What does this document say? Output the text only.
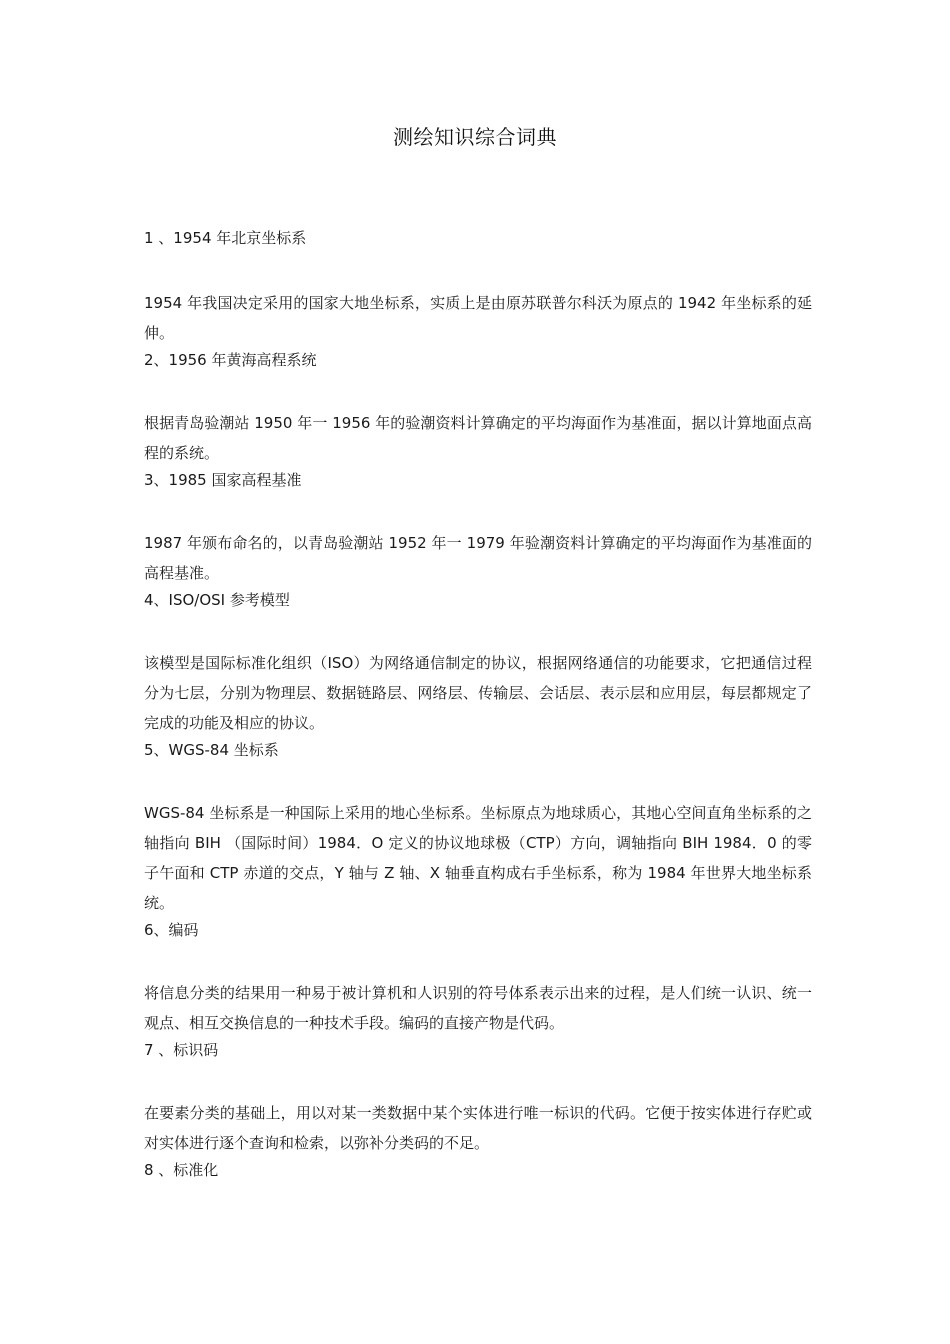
测绘知识综合词典

1 、1954 年北京坐标系

1954 年我国决定采用的国家大地坐标系，实质上是由原苏联普尔科沃为原点的 1942 年坐标系的延伸。

2、1956 年黄海高程系统

根据青岛验潮站 1950 年一 1956 年的验潮资料计算确定的平均海面作为基准面，据以计算地面点高程的系统。

3、1985 国家高程基准

1987 年颁布命名的，以青岛验潮站 1952 年一 1979 年验潮资料计算确定的平均海面作为基准面的高程基准。

4、ISO/OSI 参考模型

该模型是国际标准化组织（ISO）为网络通信制定的协议，根据网络通信的功能要求，它把通信过程分为七层，分别为物理层、数据链路层、网络层、传输层、会话层、表示层和应用层，每层都规定了完成的功能及相应的协议。

5、WGS-84 坐标系

WGS-84 坐标系是一种国际上采用的地心坐标系。坐标原点为地球质心，其地心空间直角坐标系的之轴指向 BIH （国际时间）1984．O 定义的协议地球极（CTP）方向，调轴指向 BIH 1984．0 的零子午面和 CTP 赤道的交点，Y 轴与 Z 轴、X 轴垂直构成右手坐标系，称为 1984 年世界大地坐标系统。

6、编码

将信息分类的结果用一种易于被计算机和人识别的符号体系表示出来的过程，是人们统一认识、统一观点、相互交换信息的一种技术手段。编码的直接产物是代码。

7 、标识码

在要素分类的基础上，用以对某一类数据中某个实体进行唯一标识的代码。它便于按实体进行存贮或对实体进行逐个查询和检索，以弥补分类码的不足。

8 、标准化
